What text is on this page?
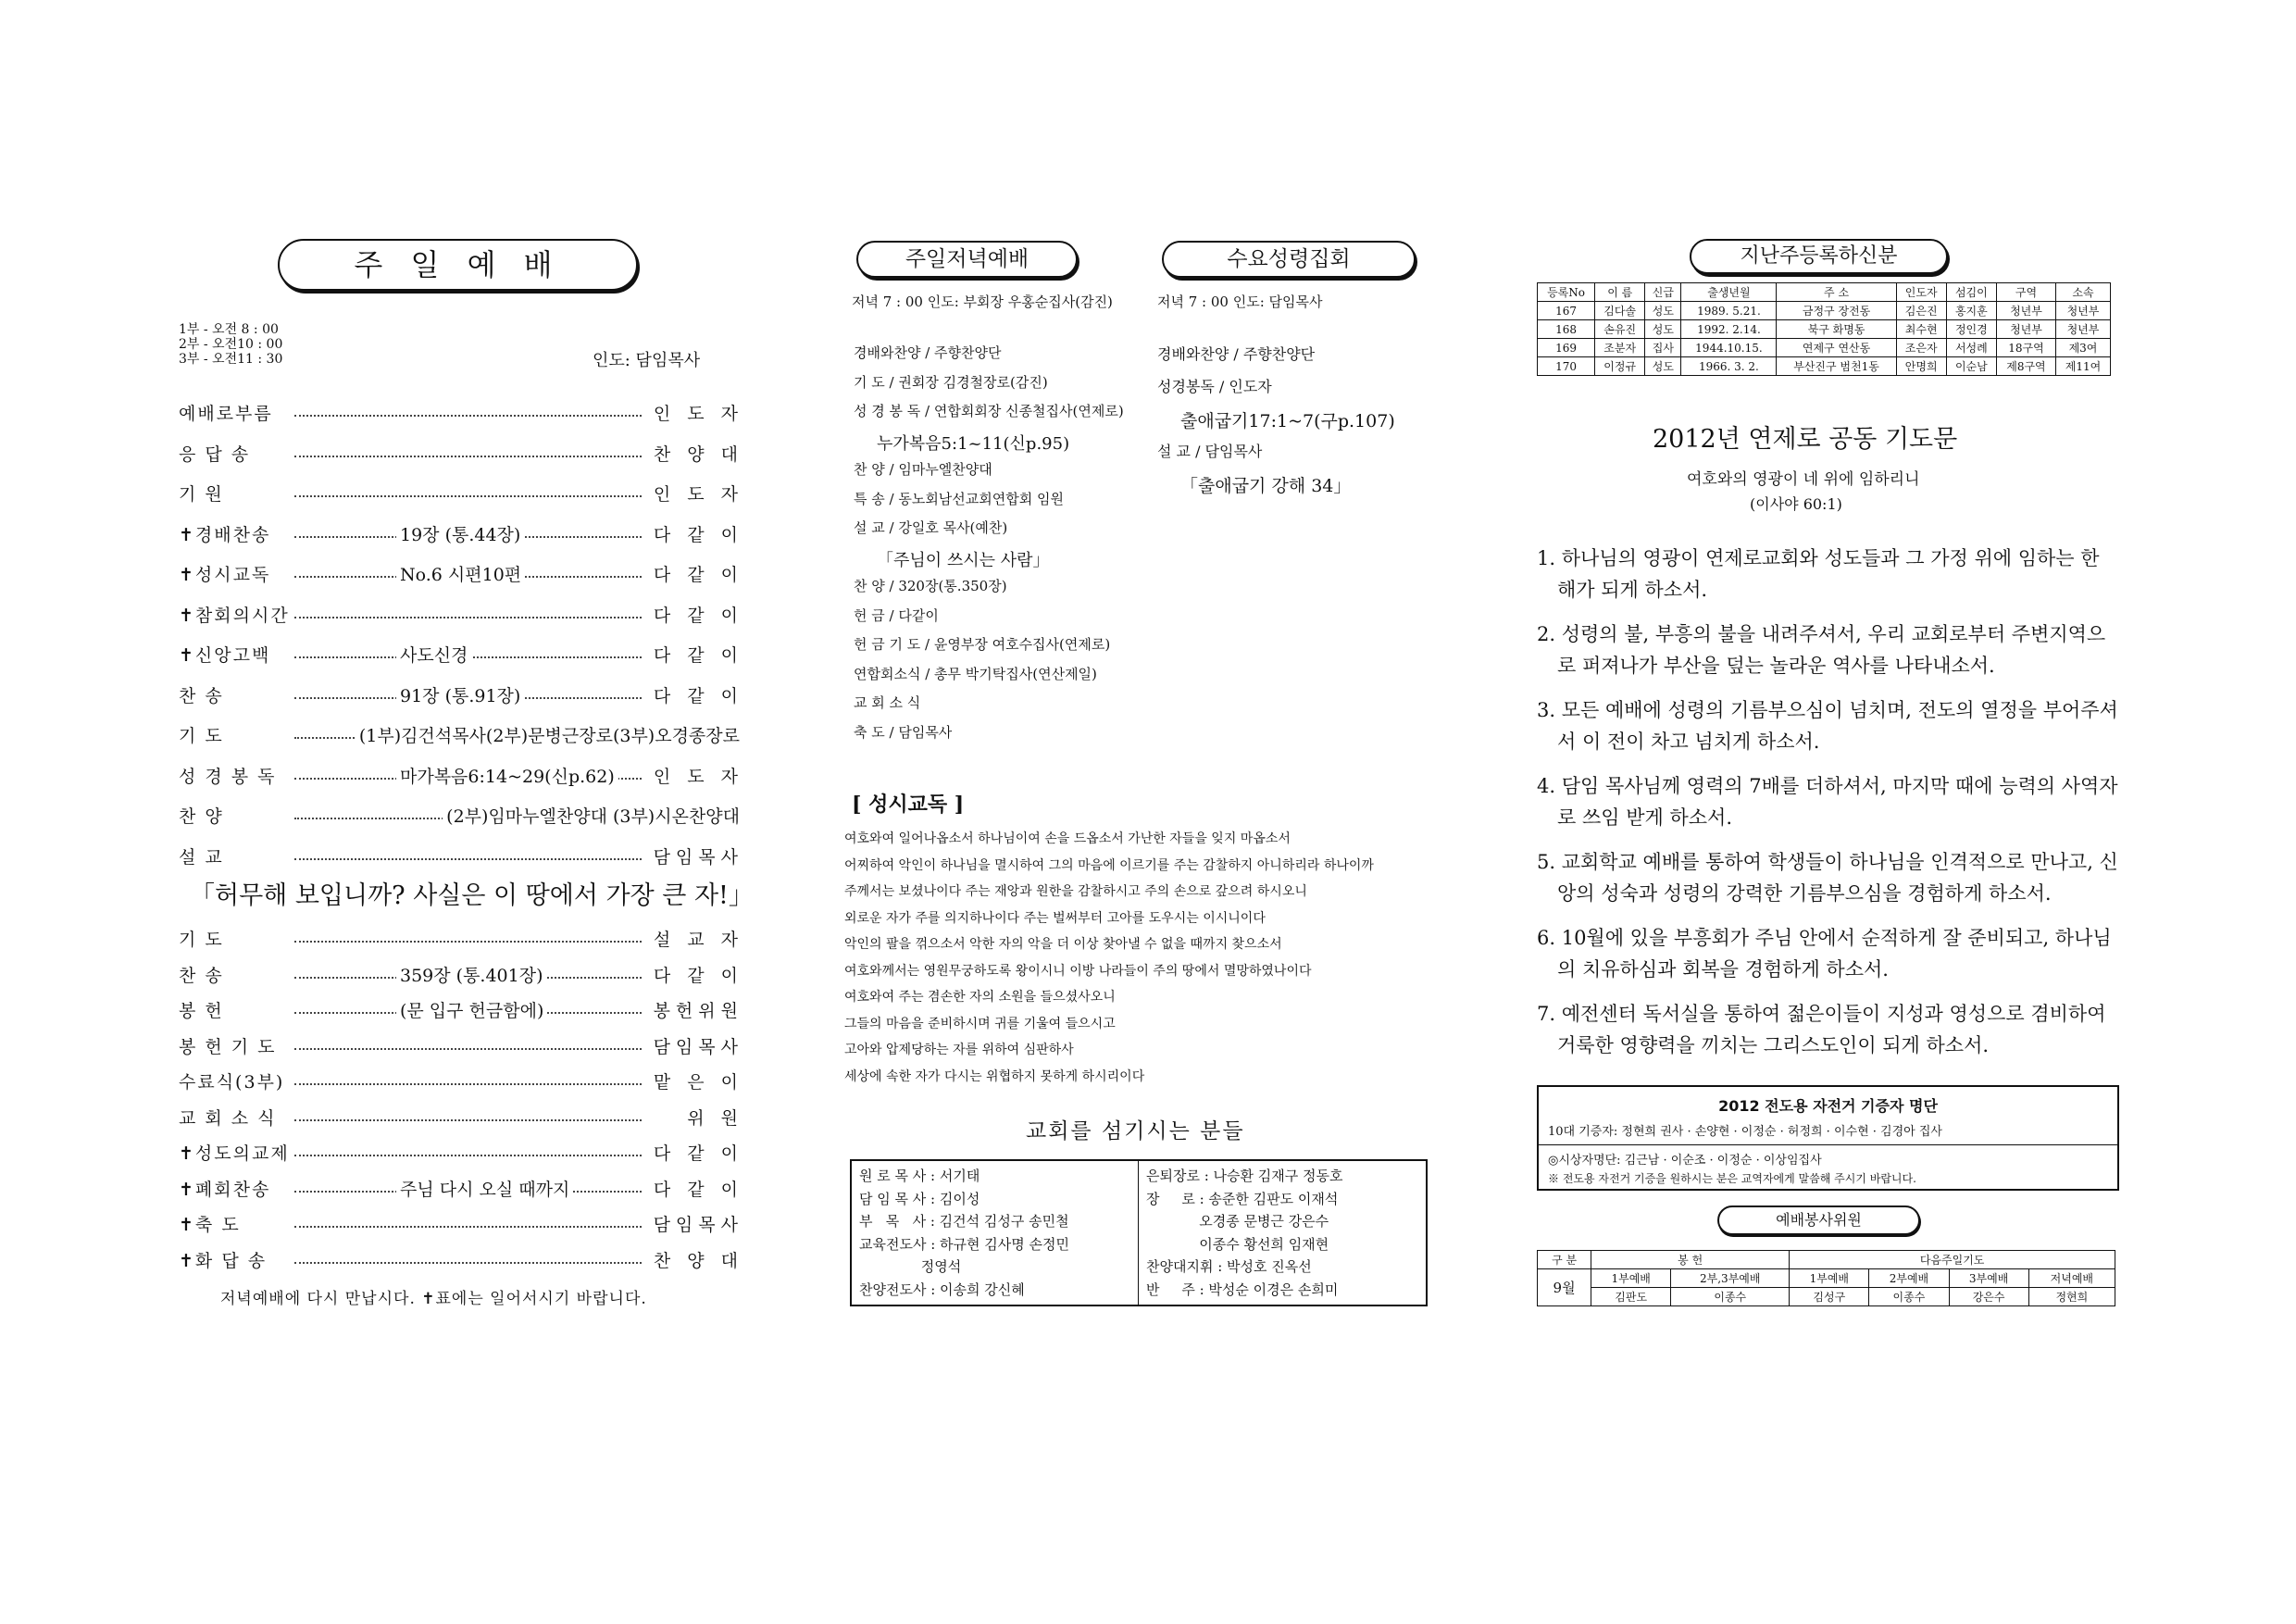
주 일 예 배
1부 - 오전 8 : 00
2부 - 오전10 : 00
3부 - 오전11 : 30	인도: 담임목사
예배로부름	인 도 자
응 답 송	찬 양 대
기 원	인 도 자
✝경배찬송	19장 (통.44장)	다 같 이
✝성시교독	No.6 시편10편	다 같 이
✝참회의시간	다 같 이
✝신앙고백	사도신경	다 같 이
찬 송	91장 (통.91장)	다 같 이
기 도	(1부)김건석목사(2부)문병근장로(3부)오경종장로
성 경 봉 독	마가복음6:14~29(신p.62) 인 도 자
찬 양	(2부)임마누엘찬양대 (3부)시온찬양대
설 교	담임목사
「허무해 보입니까? 사실은 이 땅에서 가장 큰 자!」
기 도	설 교 자
찬 송	359장 (통.401장)	다 같 이
봉 헌	(문 입구 헌금함에)	봉헌위원
봉 헌 기 도	담임목사
수료식(3부)	맡 은 이
교 회 소 식	위 원
✝성도의교제	다 같 이
✝폐회찬송	주님 다시 오실 때까지	다 같 이
✝축 도	담임목사
✝화 답 송	찬 양 대
저녁예배에 다시 만납시다. ✝표에는 일어서시기 바랍니다.
주일저녁예배	수요성령집회
저녁 7 : 00 인도: 부회장 우홍순집사(감진)	저녁 7 : 00 인도: 담임목사
경배와찬양 / 주향찬양단
기 도 / 권회장 김경철장로(감진)
성 경 봉 독 / 연합회회장 신종철집사(연제로)
누가복음5:1~11(신p.95)
찬 양 / 임마누엘찬양대
특 송 / 동노회남선교회연합회 임원
설 교 / 강일호 목사(예찬)
「주님이 쓰시는 사람」
찬 양 / 320장(통.350장)
헌 금 / 다같이
헌 금 기 도 / 윤영부장 여호수집사(연제로)
연합회소식 / 총무 박기탁집사(연산제일)
교 회 소 식
축 도 / 담임목사
경배와찬양 / 주향찬양단
성경봉독 / 인도자
출애굽기17:1~7(구p.107)
설 교 / 담임목사
「출애굽기 강해 34」
[ 성시교독 ]
여호와여 일어나옵소서 하나님이여 손을 드옵소서 가난한 자들을 잊지 마옵소서
어찌하여 악인이 하나님을 멸시하여 그의 마음에 이르기를 주는 감찰하지 아니하리라 하나이까
주께서는 보셨나이다 주는 재앙과 원한을 감찰하시고 주의 손으로 갚으려 하시오니
외로운 자가 주를 의지하나이다 주는 벌써부터 고아를 도우시는 이시니이다
악인의 팔을 꺾으소서 악한 자의 악을 더 이상 찾아낼 수 없을 때까지 찾으소서
여호와께서는 영원무궁하도록 왕이시니 이방 나라들이 주의 땅에서 멸망하였나이다
여호와여 주는 겸손한 자의 소원을 들으셨사오니
그들의 마음을 준비하시며 귀를 기울여 들으시고
고아와 압제당하는 자를 위하여 심판하사
세상에 속한 자가 다시는 위협하지 못하게 하시리이다
교회를 섬기시는 분들
원 로 목 사 : 서기태
담 임 목 사 : 김이성
부   목   사 : 김건석 김성구 송민철
교육전도사 : 하규현 김사명 손정민
정영석
찬양전도사 : 이송희 강신혜
은퇴장로 : 나승환 김재구 정동호
장     로 : 송준한 김판도 이재석
오경종 문병근 강은수
이종수 황선희 임재현
찬양대지휘 : 박성호 진옥선
반     주 : 박성순 이경은 손희미
지난주등록하신분
등록No	이 름	신급	출생년월	주 소	인도자	섬김이	구역	소속
167	김다솔	성도	1989. 5.21.	금정구 장전동	김은진	홍지훈	청년부	청년부
168	손유진	성도	1992. 2.14.	북구 화명동	최수현	정인경	청년부	청년부
169	조분자	집사	1944.10.15.	연제구 연산동	조은자	서성례	18구역	제3여
170	이정규	성도	1966. 3. 2.	부산진구 범천1동	안명희	이순남	제8구역	제11여
2012년 연제로 공동 기도문
여호와의 영광이 네 위에 임하리니
(이사야 60:1)
1. 하나님의 영광이 연제로교회와 성도들과 그 가정 위에 임하는 한 해가 되게 하소서.
2. 성령의 불, 부흥의 불을 내려주셔서, 우리 교회로부터 주변지역으로 퍼져나가 부산을 덮는 놀라운 역사를 나타내소서.
3. 모든 예배에 성령의 기름부으심이 넘치며, 전도의 열정을 부어주셔서 이 전이 차고 넘치게 하소서.
4. 담임 목사님께 영력의 7배를 더하셔서, 마지막 때에 능력의 사역자로 쓰임 받게 하소서.
5. 교회학교 예배를 통하여 학생들이 하나님을 인격적으로 만나고, 신앙의 성숙과 성령의 강력한 기름부으심을 경험하게 하소서.
6. 10월에 있을 부흥회가 주님 안에서 순적하게 잘 준비되고, 하나님의 치유하심과 회복을 경험하게 하소서.
7. 예전센터 독서실을 통하여 젊은이들이 지성과 영성으로 겸비하여 거룩한 영향력을 끼치는 그리스도인이 되게 하소서.
2012 전도용 자전거 기증자 명단
10대 기증자: 정현희 권사 · 손양현 · 이정순 · 허정희 · 이수현 · 김경아 집사
◎시상자명단: 김근남 · 이순조 · 이정순 · 이상임집사
※ 전도용 자전거 기증을 원하시는 분은 교역자에게 말씀해 주시기 바랍니다.
예배봉사위원
구 분	봉 헌		다음주일기도			
9월	1부예배	2부,3부예배	1부예배	2부예배	3부예배	저녁예배
	김판도	이종수	김성구	이종수	강은수	정현희
